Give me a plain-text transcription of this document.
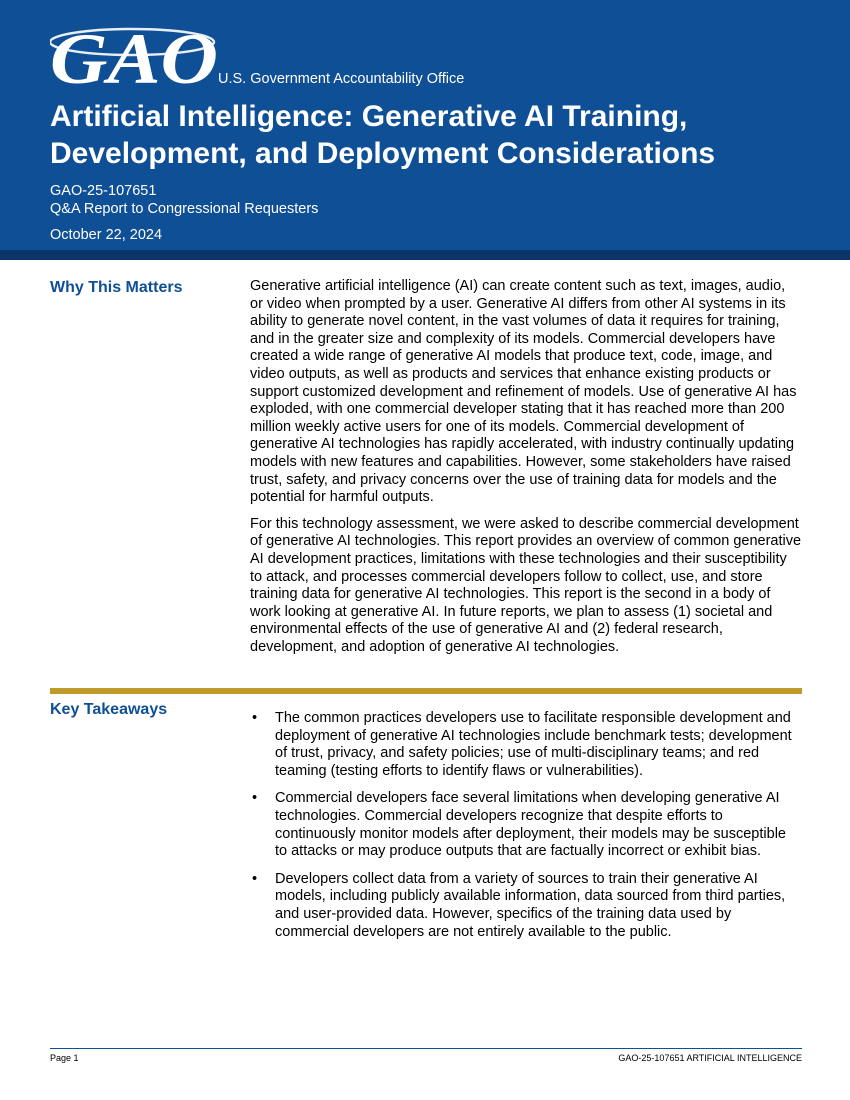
GAO U.S. Government Accountability Office
Artificial Intelligence: Generative AI Training, Development, and Deployment Considerations
GAO-25-107651
Q&A Report to Congressional Requesters
October 22, 2024
Why This Matters	Generative artificial intelligence (AI) can create content such as text, images, audio, or video when prompted by a user. Generative AI differs from other AI systems in its ability to generate novel content, in the vast volumes of data it requires for training, and in the greater size and complexity of its models. Commercial developers have created a wide range of generative AI models that produce text, code, image, and video outputs, as well as products and services that enhance existing products or support customized development and refinement of models. Use of generative AI has exploded, with one commercial developer stating that it has reached more than 200 million weekly active users for one of its models. Commercial development of generative AI technologies has rapidly accelerated, with industry continually updating models with new features and capabilities. However, some stakeholders have raised trust, safety, and privacy concerns over the use of training data for models and the potential for harmful outputs.

For this technology assessment, we were asked to describe commercial development of generative AI technologies. This report provides an overview of common generative AI development practices, limitations with these technologies and their susceptibility to attack, and processes commercial developers follow to collect, use, and store training data for generative AI technologies. This report is the second in a body of work looking at generative AI. In future reports, we plan to assess (1) societal and environmental effects of the use of generative AI and (2) federal research, development, and adoption of generative AI technologies.

Key Takeaways	• The common practices developers use to facilitate responsible development and deployment of generative AI technologies include benchmark tests; development of trust, privacy, and safety policies; use of multi-disciplinary teams; and red teaming (testing efforts to identify flaws or vulnerabilities).
• Commercial developers face several limitations when developing generative AI technologies. Commercial developers recognize that despite efforts to continuously monitor models after deployment, their models may be susceptible to attacks or may produce outputs that are factually incorrect or exhibit bias.
• Developers collect data from a variety of sources to train their generative AI models, including publicly available information, data sourced from third parties, and user-provided data. However, specifics of the training data used by commercial developers are not entirely available to the public.
Page 1	GAO-25-107651 ARTIFICIAL INTELLIGENCE
